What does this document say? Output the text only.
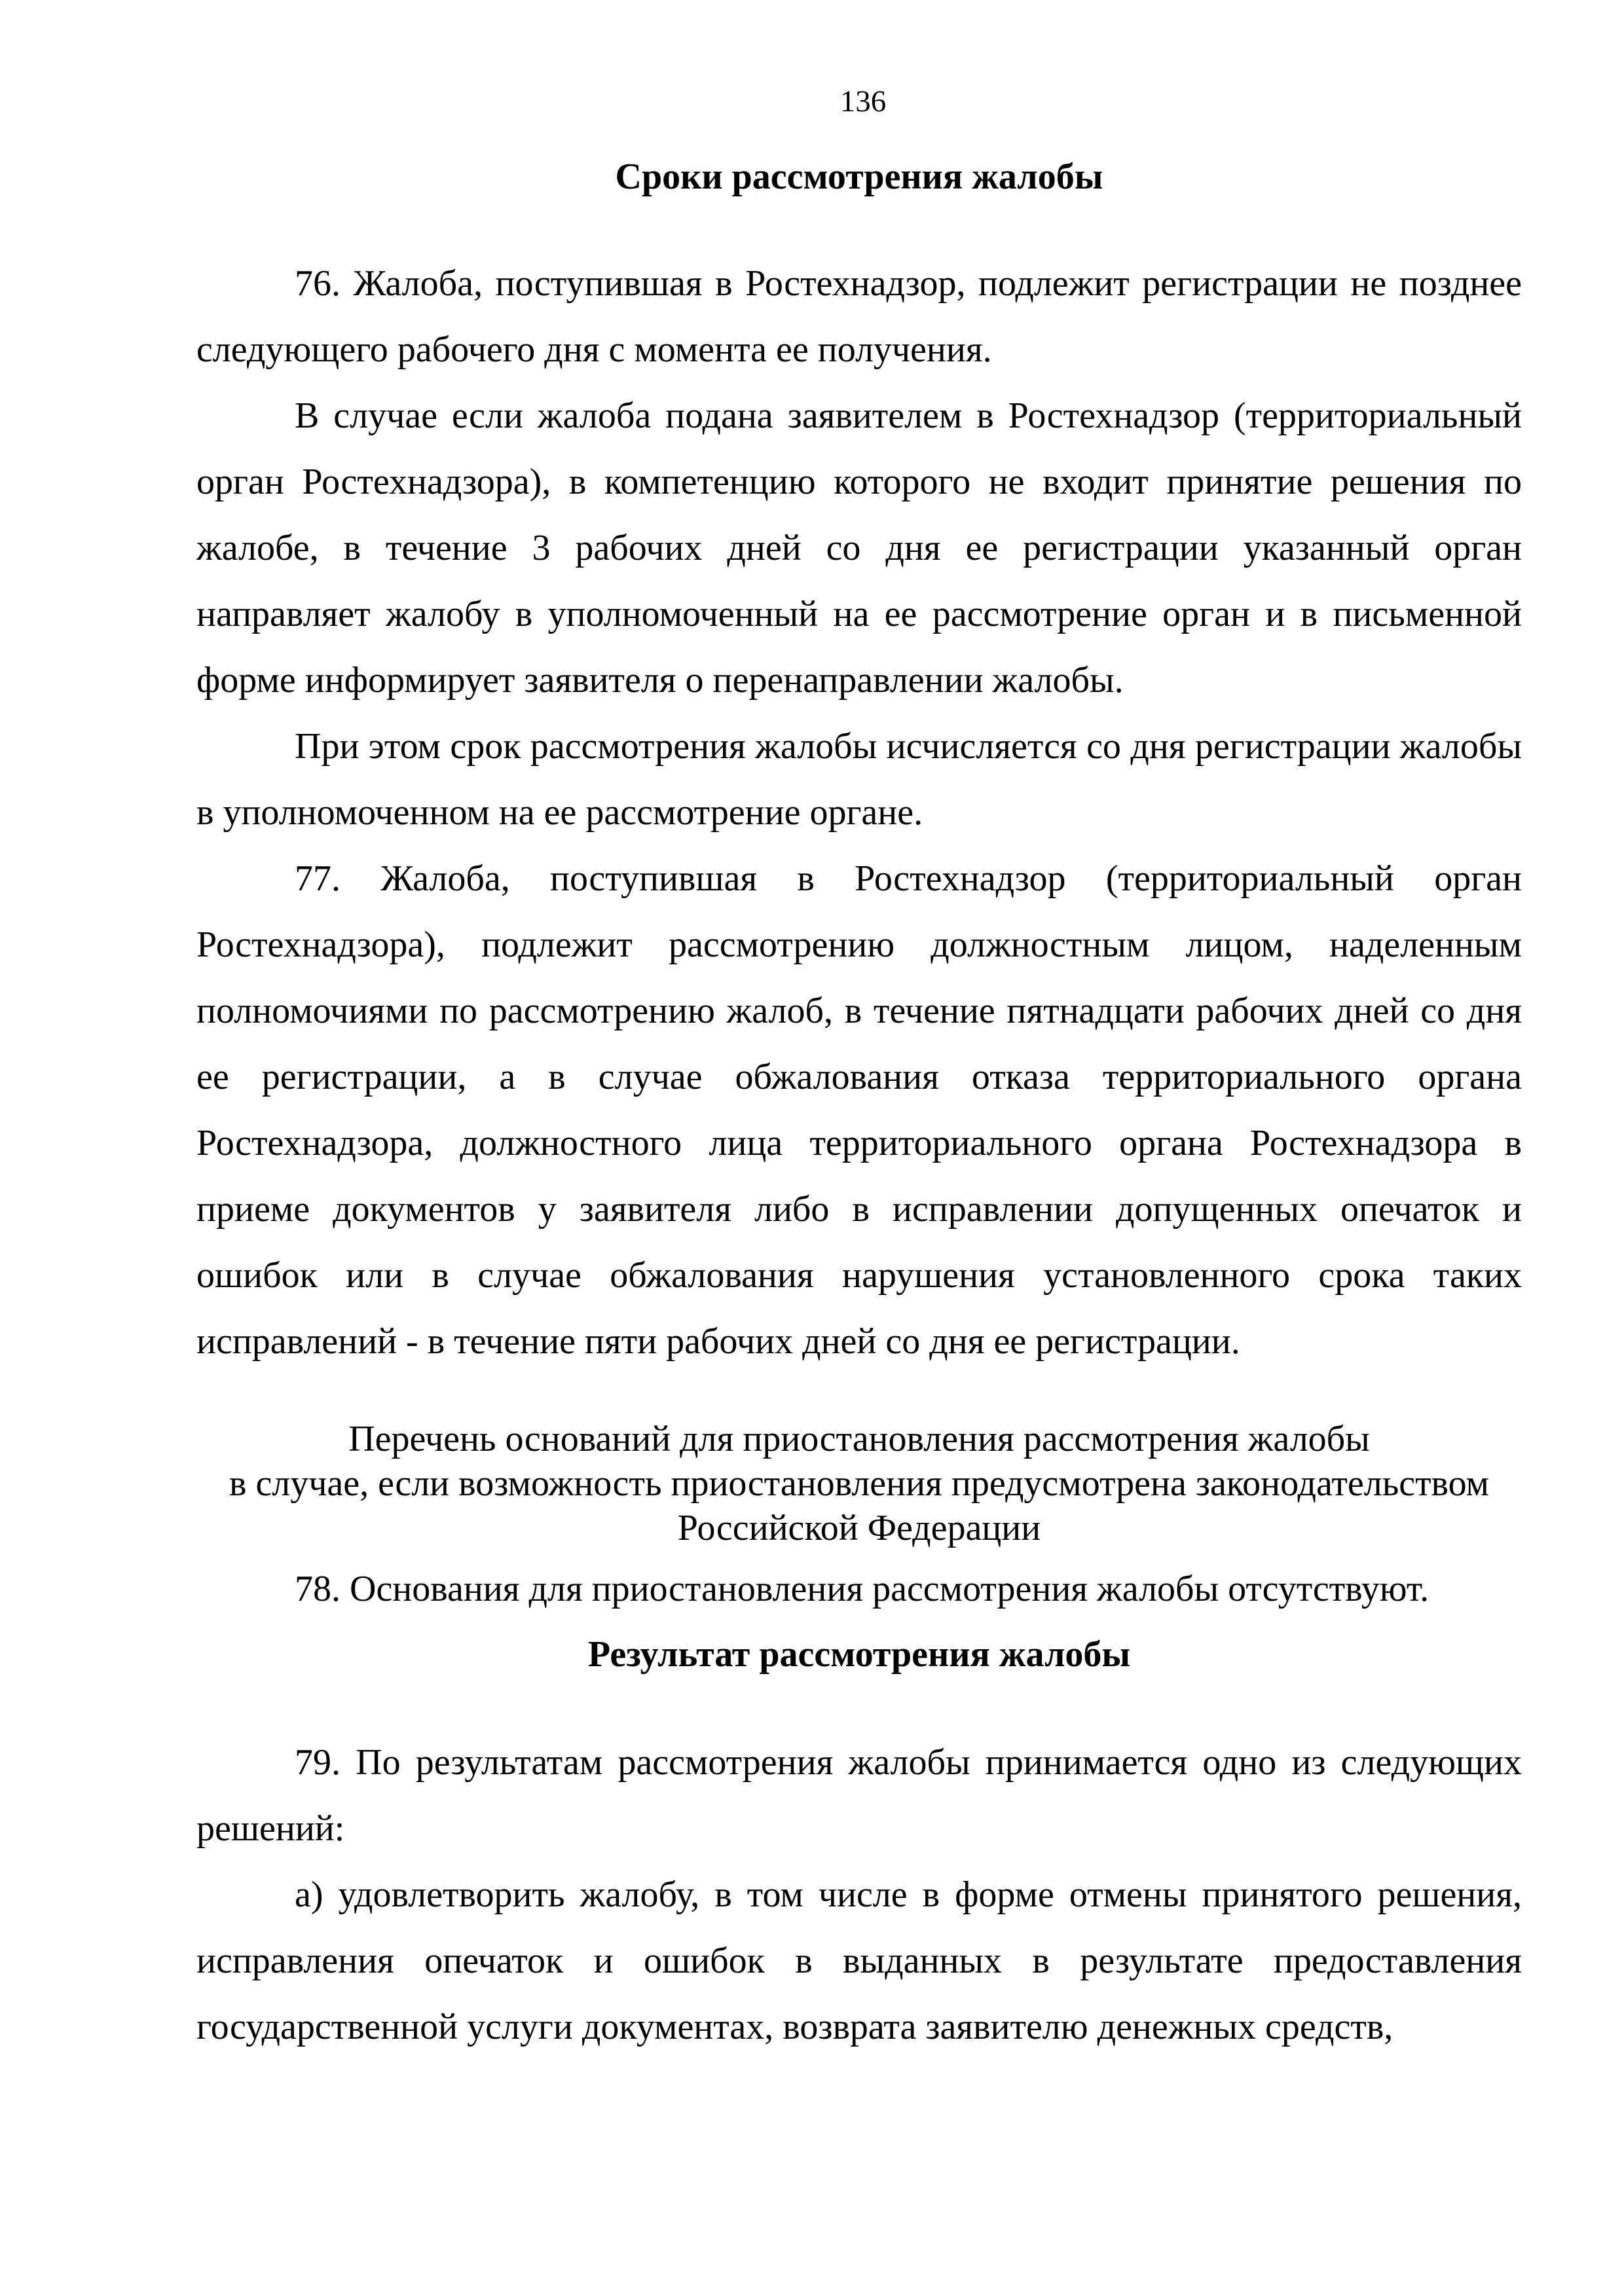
136
Сроки рассмотрения жалобы

76. Жалоба, поступившая в Ростехнадзор, подлежит регистрации не позднее следующего рабочего дня с момента ее получения.

В случае если жалоба подана заявителем в Ростехнадзор (территориальный орган Ростехнадзора), в компетенцию которого не входит принятие решения по жалобе, в течение 3 рабочих дней со дня ее регистрации указанный орган направляет жалобу в уполномоченный на ее рассмотрение орган и в письменной форме информирует заявителя о перенаправлении жалобы.

При этом срок рассмотрения жалобы исчисляется со дня регистрации жалобы в уполномоченном на ее рассмотрение органе.

77. Жалоба, поступившая в Ростехнадзор (территориальный орган Ростехнадзора), подлежит рассмотрению должностным лицом, наделенным полномочиями по рассмотрению жалоб, в течение пятнадцати рабочих дней со дня ее регистрации, а в случае обжалования отказа территориального органа Ростехнадзора, должностного лица территориального органа Ростехнадзора в приеме документов у заявителя либо в исправлении допущенных опечаток и ошибок или в случае обжалования нарушения установленного срока таких исправлений - в течение пяти рабочих дней со дня ее регистрации.

Перечень оснований для приостановления рассмотрения жалобы
в случае, если возможность приостановления предусмотрена законодательством
Российской Федерации

78. Основания для приостановления рассмотрения жалобы отсутствуют.

Результат рассмотрения жалобы

79. По результатам рассмотрения жалобы принимается одно из следующих решений:

а) удовлетворить жалобу, в том числе в форме отмены принятого решения, исправления опечаток и ошибок в выданных в результате предоставления государственной услуги документах, возврата заявителю денежных средств,
